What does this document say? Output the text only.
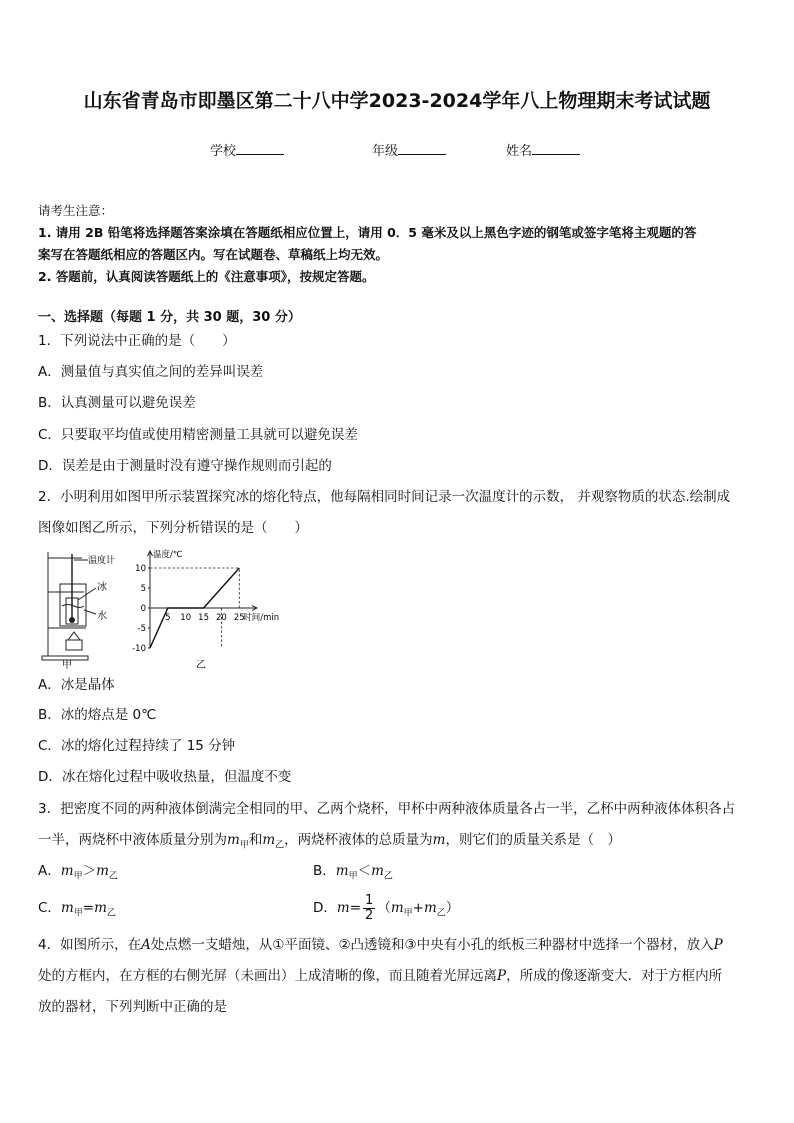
山东省青岛市即墨区第二十八中学2023-2024学年八上物理期末考试试题
学校	年级	姓名
请考生注意：
1. 请用 2B 铅笔将选择题答案涂填在答题纸相应位置上，请用 0．5 毫米及以上黑色字迹的钢笔或签字笔将主观题的答
案写在答题纸相应的答题区内。写在试题卷、草稿纸上均无效。
2. 答题前，认真阅读答题纸上的《注意事项》，按规定答题。
一、选择题（每题 1 分，共 30 题，30 分）
1．下列说法中正确的是（　　）
A．测量值与真实值之间的差异叫误差
B．认真测量可以避免误差
C．只要取平均值或使用精密测量工具就可以避免误差
D．误差是由于测量时没有遵守操作规则而引起的
2．小明利用如图甲所示装置探究冰的熔化特点，他每隔相同时间记录一次温度计的示数， 并观察物质的状态.绘制成
图像如图乙所示，下列分析错误的是（　　）
温度计
冰
水
甲
温度/℃
时间/min
10
5
0
-5
-10
5 10 15 20 25
乙
A．冰是晶体
B．冰的熔点是 0℃
C．冰的熔化过程持续了 15 分钟
D．冰在熔化过程中吸收热量，但温度不变
3．把密度不同的两种液体倒满完全相同的甲、乙两个烧杯，甲杯中两种液体质量各占一半，乙杯中两种液体体积各占
一半，两烧杯中液体质量分别为$m_甲$和$m_乙$，两烧杯液体的总质量为m，则它们的质量关系是（　）
A．$m_甲>m_乙$	B．$m_甲<m_乙$
C．$m_甲=m_乙$	D．$m= \frac{1}{2} (m_甲+m_乙)$
4．如图所示，在A处点燃一支蜡烛，从①平面镜、②凸透镜和③中央有小孔的纸板三种器材中选择一个器材，放入P
处的方框内，在方框的右侧光屏（未画出）上成清晰的像，而且随着光屏远离P，所成的像逐渐变大．对于方框内所
放的器材，下列判断中正确的是
